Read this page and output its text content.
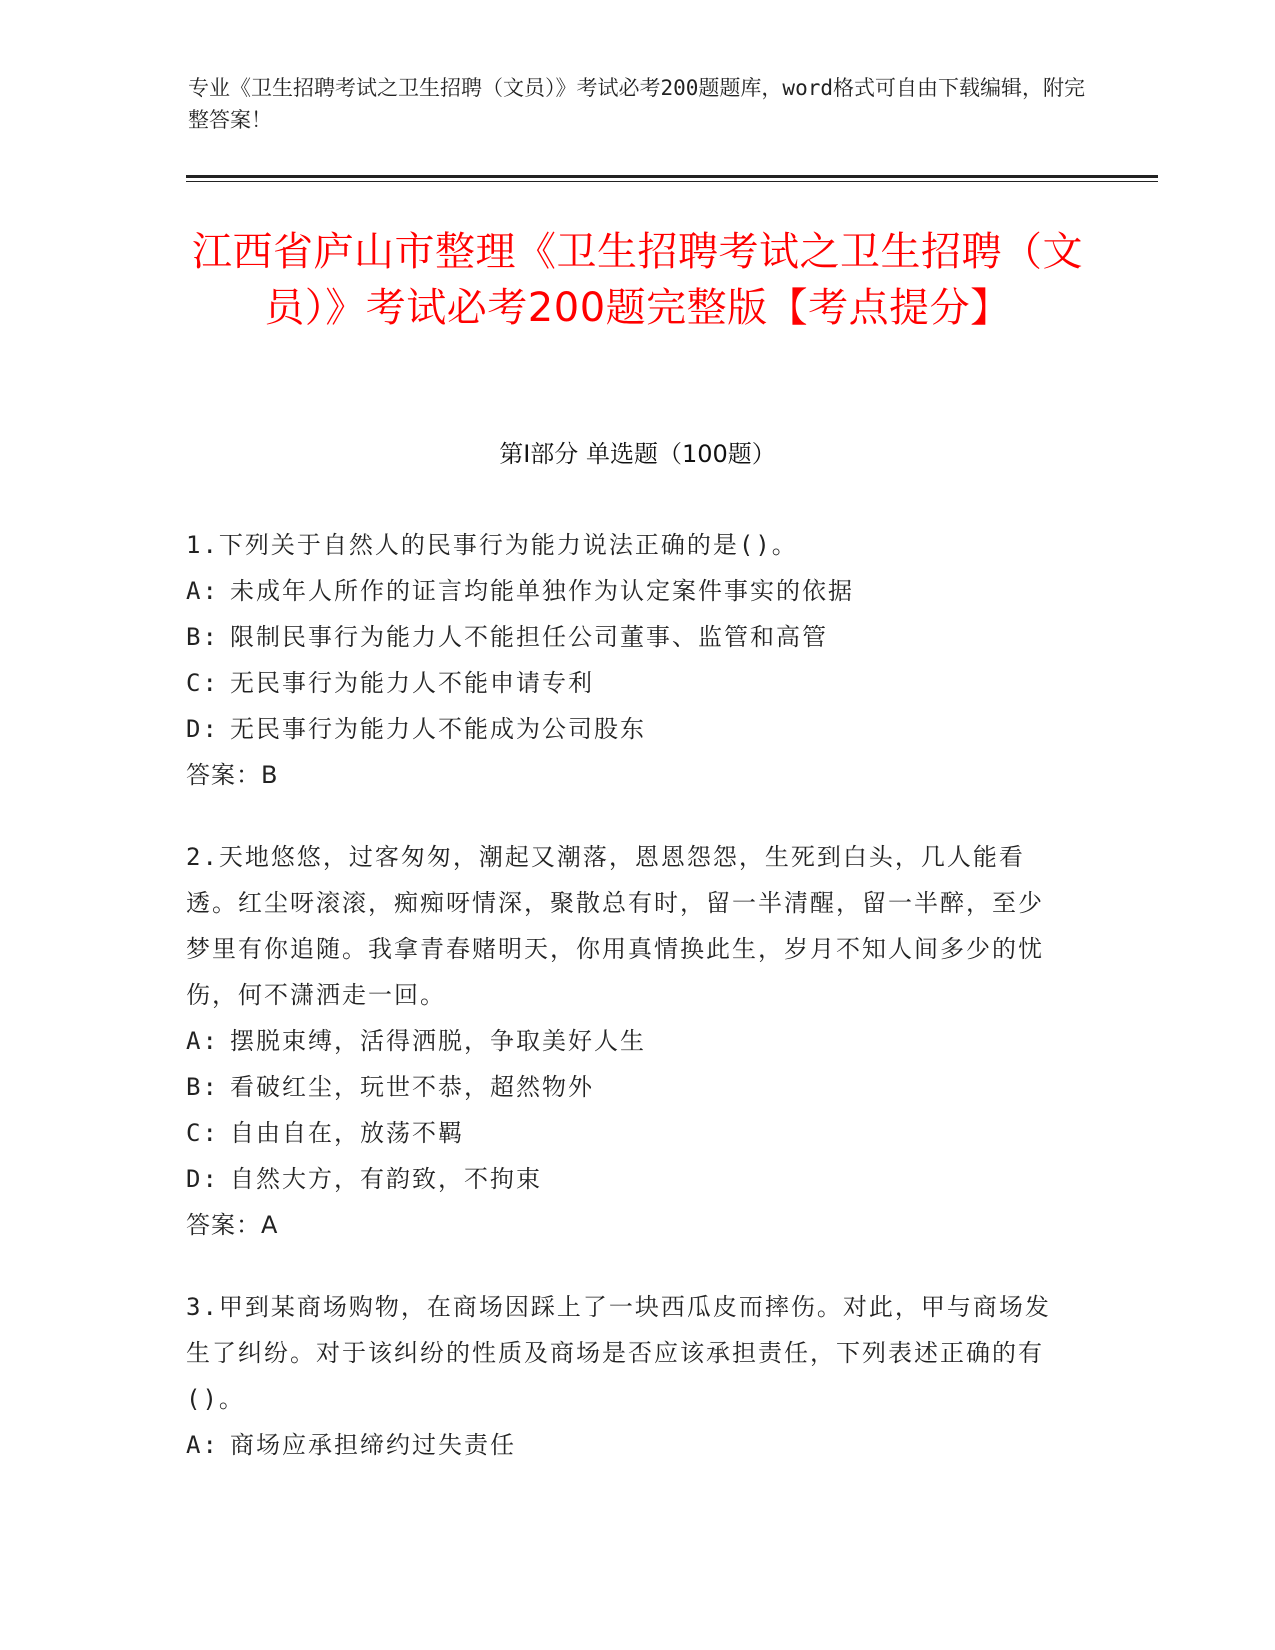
专业《卫生招聘考试之卫生招聘（文员）》考试必考200题题库，word格式可自由下载编辑，附完整答案！
江西省庐山市整理《卫生招聘考试之卫生招聘（文员）》考试必考200题完整版【考点提分】
第I部分 单选题（100题）

1.下列关于自然人的民事行为能力说法正确的是()。

A: 未成年人所作的证言均能单独作为认定案件事实的依据
B: 限制民事行为能力人不能担任公司董事、监管和高管
C: 无民事行为能力人不能申请专利
D: 无民事行为能力人不能成为公司股东

答案：B

2.天地悠悠，过客匆匆，潮起又潮落，恩恩怨怨，生死到白头，几人能看透。红尘呀滚滚，痴痴呀情深，聚散总有时，留一半清醒，留一半醉，至少梦里有你追随。我拿青春赌明天，你用真情换此生，岁月不知人间多少的忧伤，何不潇洒走一回。

A: 摆脱束缚，活得洒脱，争取美好人生
B: 看破红尘，玩世不恭，超然物外
C: 自由自在，放荡不羁
D: 自然大方，有韵致，不拘束

答案：A

3.甲到某商场购物，在商场因踩上了一块西瓜皮而摔伤。对此，甲与商场发生了纠纷。对于该纠纷的性质及商场是否应该承担责任，下列表述正确的有()。

A: 商场应承担缔约过失责任
